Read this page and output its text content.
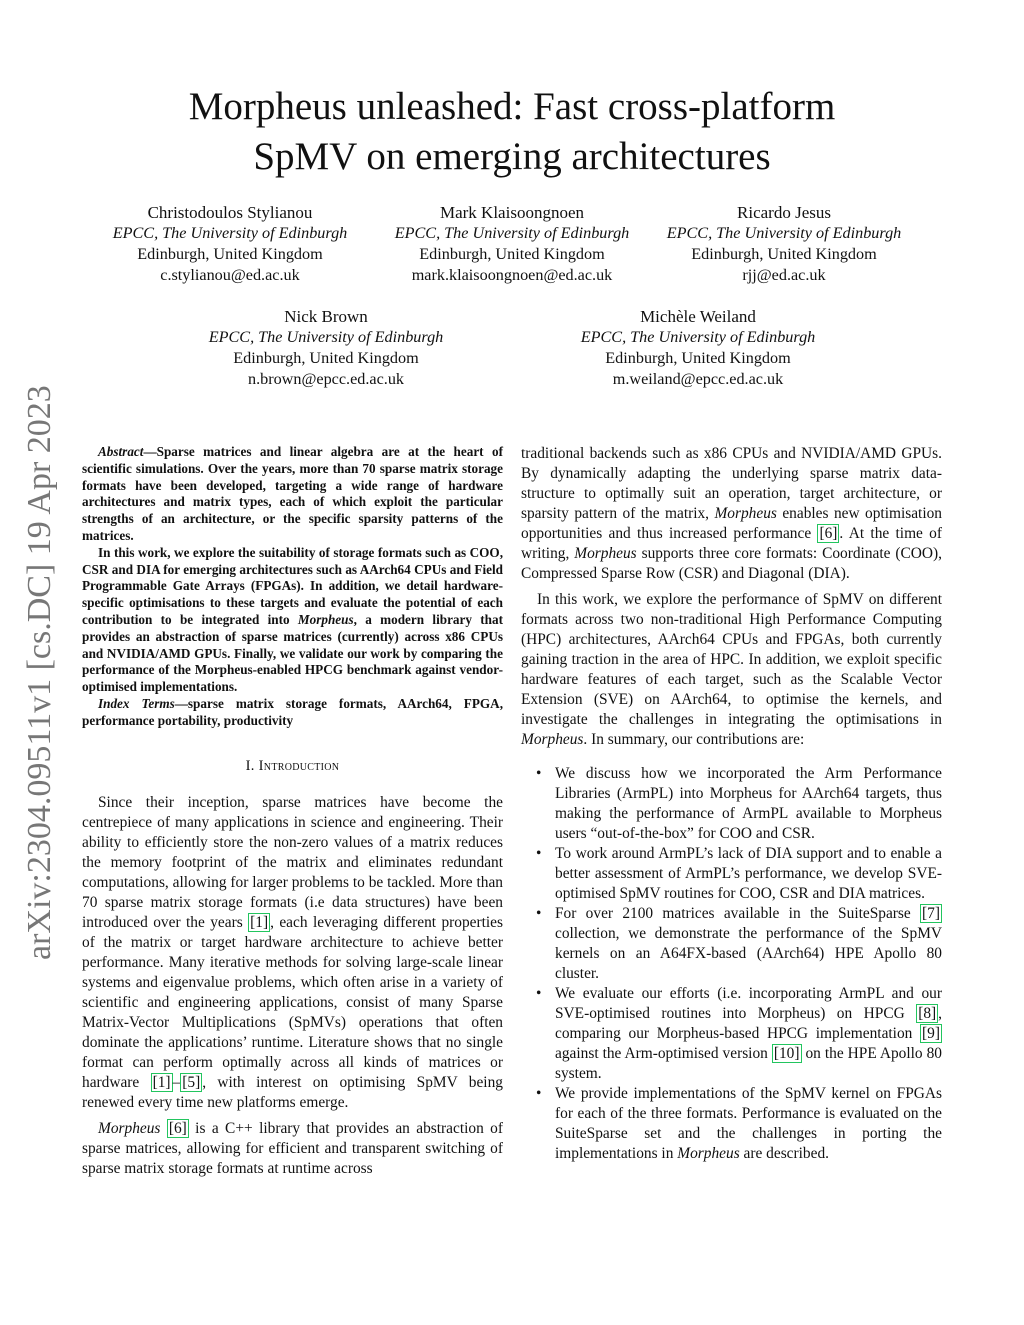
arXiv:2304.09511v1 [cs.DC] 19 Apr 2023
Morpheus unleashed: Fast cross-platform
SpMV on emerging architectures
Christodoulos Stylianou
EPCC, The University of Edinburgh
Edinburgh, United Kingdom
c.stylianou@ed.ac.uk
Mark Klaisoongnoen
EPCC, The University of Edinburgh
Edinburgh, United Kingdom
mark.klaisoongnoen@ed.ac.uk
Ricardo Jesus
EPCC, The University of Edinburgh
Edinburgh, United Kingdom
rjj@ed.ac.uk
Nick Brown
EPCC, The University of Edinburgh
Edinburgh, United Kingdom
n.brown@epcc.ed.ac.uk
Michèle Weiland
EPCC, The University of Edinburgh
Edinburgh, United Kingdom
m.weiland@epcc.ed.ac.uk

Abstract—Sparse matrices and linear algebra are at the heart of scientific simulations. Over the years, more than 70 sparse matrix storage formats have been developed, targeting a wide range of hardware architectures and matrix types, each of which exploit the particular strengths of an architecture, or the specific sparsity patterns of the matrices.

In this work, we explore the suitability of storage formats such as COO, CSR and DIA for emerging architectures such as AArch64 CPUs and Field Programmable Gate Arrays (FPGAs). In addition, we detail hardware-specific optimisations to these targets and evaluate the potential of each contribution to be integrated into Morpheus, a modern library that provides an abstraction of sparse matrices (currently) across x86 CPUs and NVIDIA/AMD GPUs. Finally, we validate our work by comparing the performance of the Morpheus-enabled HPCG benchmark against vendor-optimised implementations.

Index Terms—sparse matrix storage formats, AArch64, FPGA, performance portability, productivity

I. Introduction

Since their inception, sparse matrices have become the centrepiece of many applications in science and engineering. Their ability to efficiently store the non-zero values of a matrix reduces the memory footprint of the matrix and eliminates redundant computations, allowing for larger problems to be tackled. More than 70 sparse matrix storage formats (i.e data structures) have been introduced over the years [1] , each leveraging different properties of the matrix or target hardware architecture to achieve better performance. Many iterative methods for solving large-scale linear systems and eigenvalue problems, which often arise in a variety of scientific and engineering applications, consist of many Sparse Matrix-Vector Multiplications (SpMVs) operations that often dominate the applications’ runtime. Literature shows that no single format can perform optimally across all kinds of matrices or hardware [1] – [5] , with interest on optimising SpMV being renewed every time new platforms emerge.

Morpheus [6] is a C++ library that provides an abstraction of sparse matrices, allowing for efficient and transparent switching of sparse matrix storage formats at runtime across

traditional backends such as x86 CPUs and NVIDIA/AMD GPUs. By dynamically adapting the underlying sparse matrix data-structure to optimally suit an operation, target architecture, or sparsity pattern of the matrix, Morpheus enables new optimisation opportunities and thus increased performance [6] . At the time of writing, Morpheus supports three core formats: Coordinate (COO), Compressed Sparse Row (CSR) and Diagonal (DIA).

In this work, we explore the performance of SpMV on different formats across two non-traditional High Performance Computing (HPC) architectures, AArch64 CPUs and FPGAs, both currently gaining traction in the area of HPC. In addition, we exploit specific hardware features of each target, such as the Scalable Vector Extension (SVE) on AArch64, to optimise the kernels, and investigate the challenges in integrating the optimisations in Morpheus. In summary, our contributions are:

• We discuss how we incorporated the Arm Performance Libraries (ArmPL) into Morpheus for AArch64 targets, thus making the performance of ArmPL available to Morpheus users “out-of-the-box” for COO and CSR.
• To work around ArmPL’s lack of DIA support and to enable a better assessment of ArmPL’s performance, we develop SVE-optimised SpMV routines for COO, CSR and DIA matrices.
• For over 2100 matrices available in the SuiteSparse [7] collection, we demonstrate the performance of the SpMV kernels on an A64FX-based (AArch64) HPE Apollo 80 cluster.
• We evaluate our efforts (i.e. incorporating ArmPL and our SVE-optimised routines into Morpheus) on HPCG [8] , comparing our Morpheus-based HPCG implementation [9] against the Arm-optimised version [10] on the HPE Apollo 80 system.
• We provide implementations of the SpMV kernel on FPGAs for each of the three formats. Performance is evaluated on the SuiteSparse set and the challenges in porting the implementations in Morpheus are described.
